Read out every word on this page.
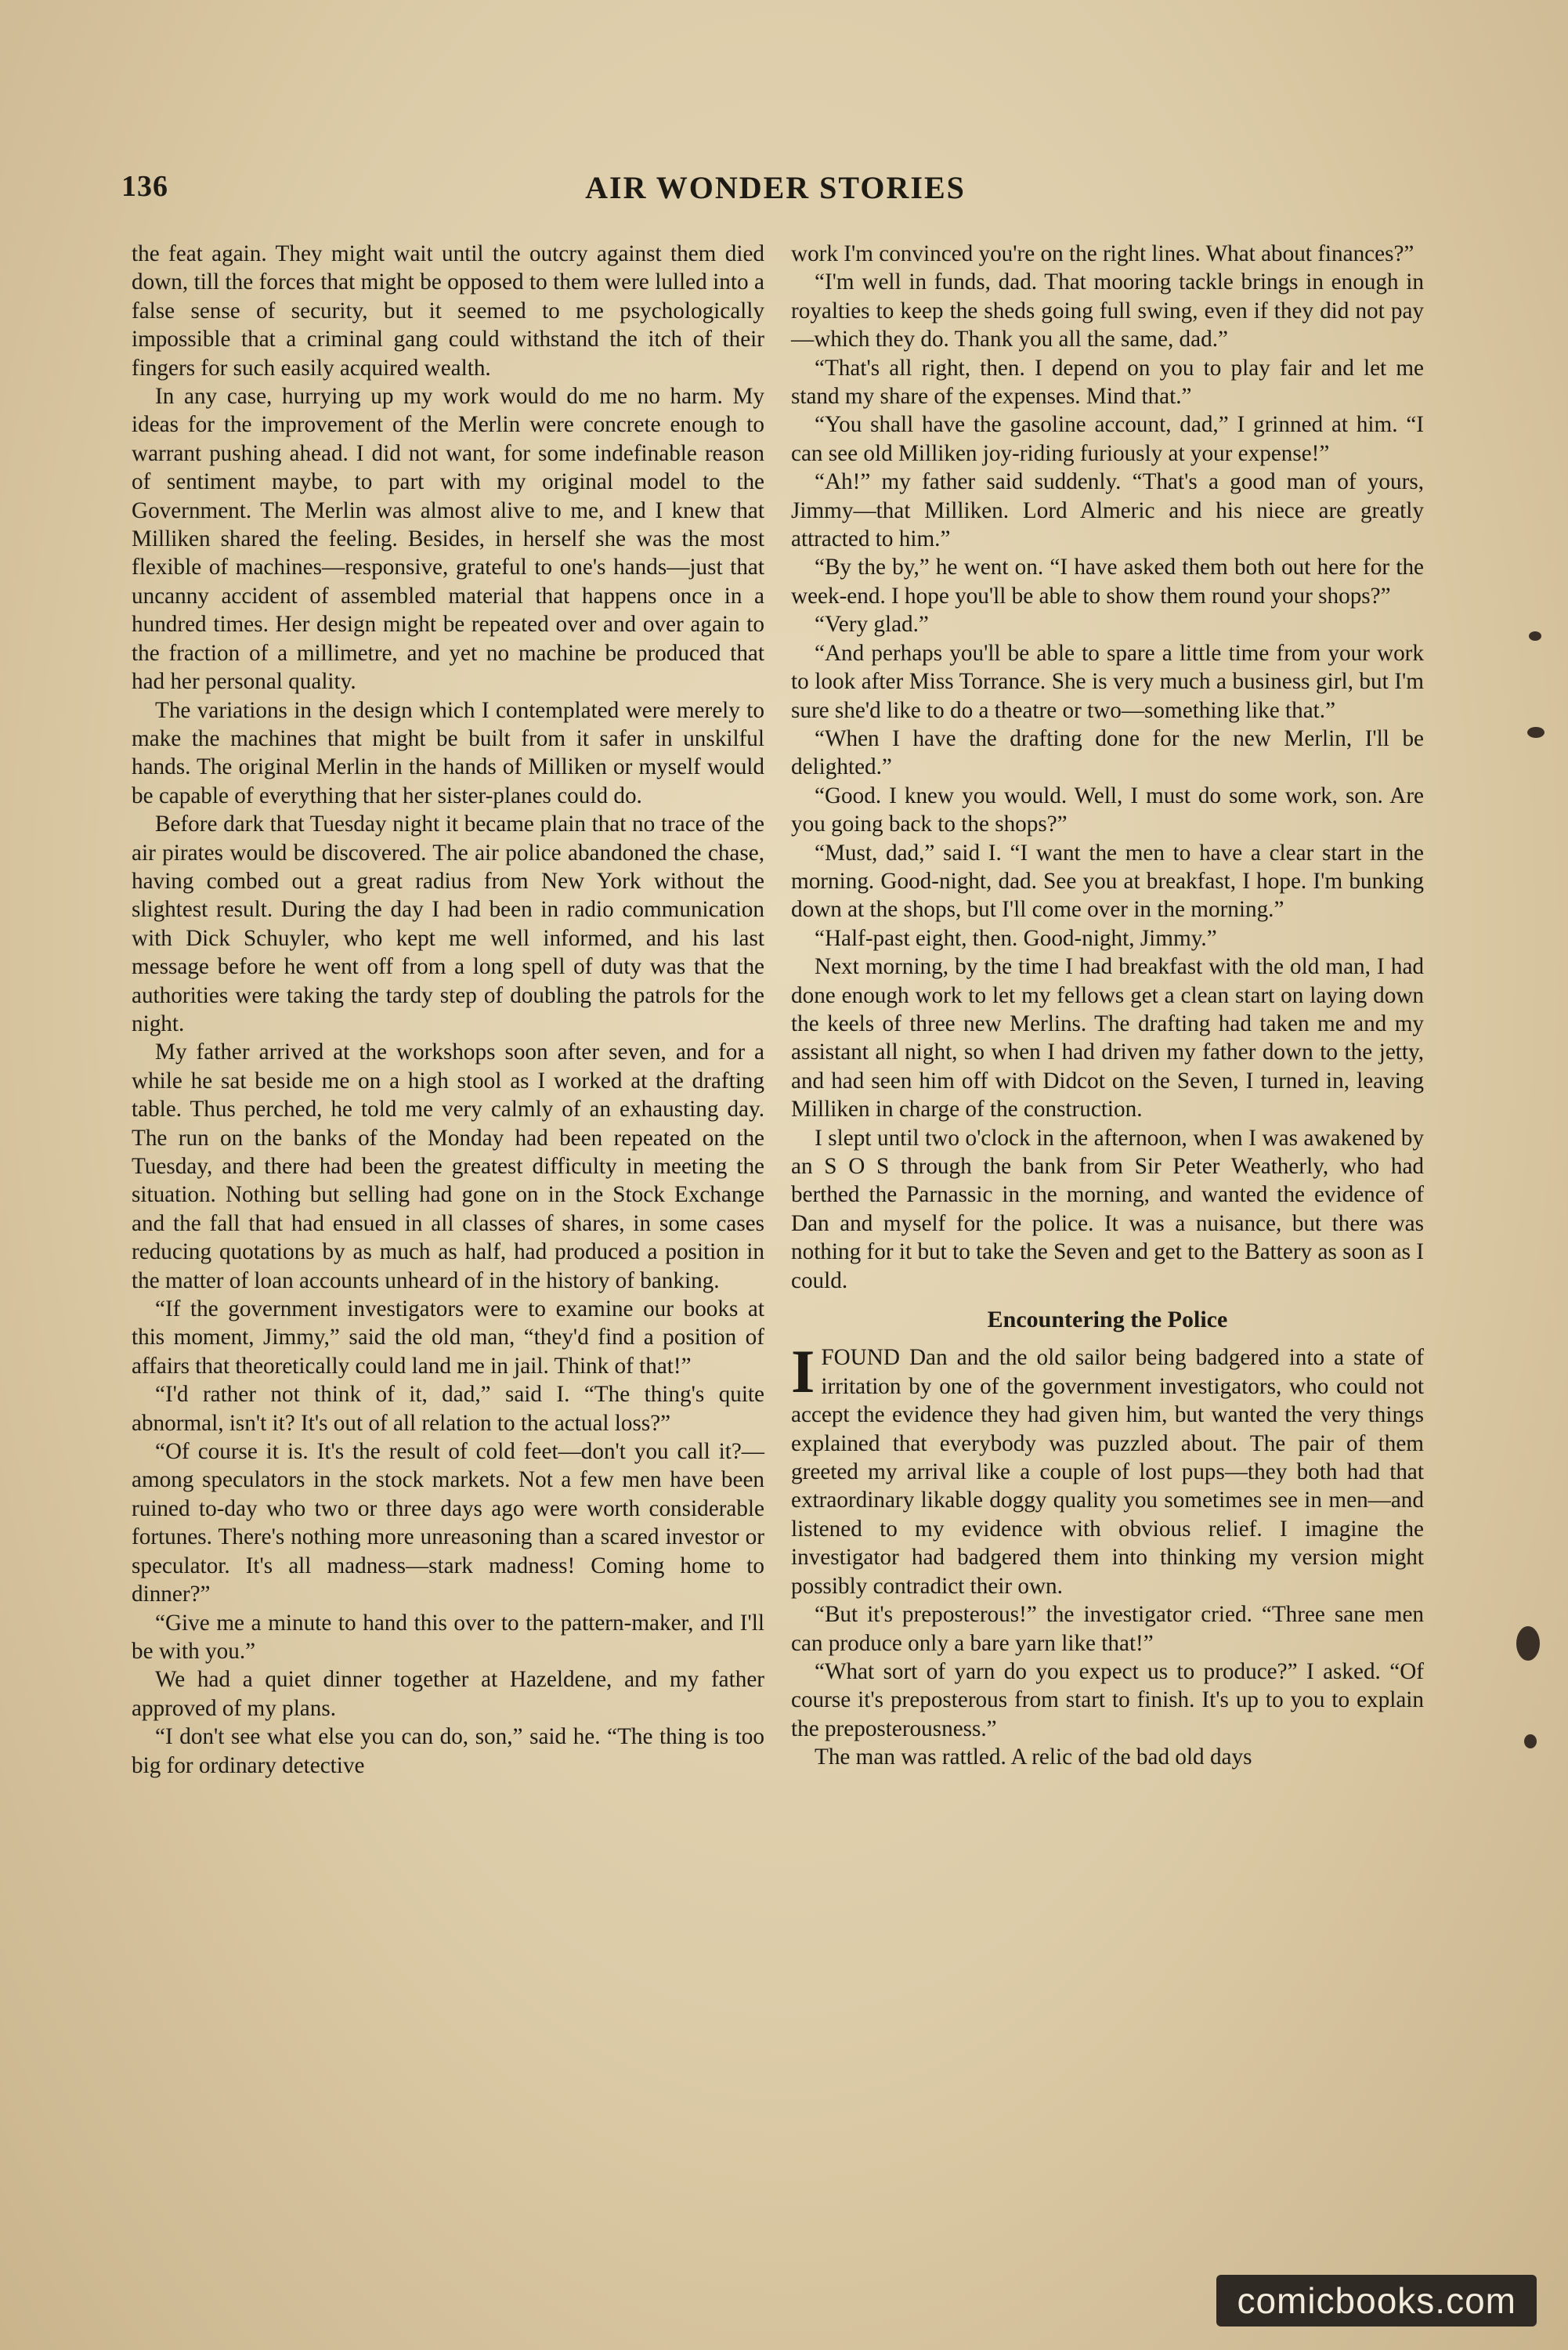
136	AIR WONDER STORIES

the feat again. They might wait until the outcry against them died down, till the forces that might be opposed to them were lulled into a false sense of security, but it seemed to me psychologically impossible that a criminal gang could withstand the itch of their fingers for such easily acquired wealth.

In any case, hurrying up my work would do me no harm. My ideas for the improvement of the Merlin were concrete enough to warrant pushing ahead. I did not want, for some indefinable reason of sentiment maybe, to part with my original model to the Government. The Merlin was almost alive to me, and I knew that Milliken shared the feeling. Besides, in herself she was the most flexible of machines—responsive, grateful to one's hands—just that uncanny accident of assembled material that happens once in a hundred times. Her design might be repeated over and over again to the fraction of a millimetre, and yet no machine be produced that had her personal quality.

The variations in the design which I contemplated were merely to make the machines that might be built from it safer in unskilful hands. The original Merlin in the hands of Milliken or myself would be capable of everything that her sister-planes could do.

Before dark that Tuesday night it became plain that no trace of the air pirates would be discovered. The air police abandoned the chase, having combed out a great radius from New York without the slightest result. During the day I had been in radio communication with Dick Schuyler, who kept me well informed, and his last message before he went off from a long spell of duty was that the authorities were taking the tardy step of doubling the patrols for the night.

My father arrived at the workshops soon after seven, and for a while he sat beside me on a high stool as I worked at the drafting table. Thus perched, he told me very calmly of an exhausting day. The run on the banks of the Monday had been repeated on the Tuesday, and there had been the greatest difficulty in meeting the situation. Nothing but selling had gone on in the Stock Exchange and the fall that had ensued in all classes of shares, in some cases reducing quotations by as much as half, had produced a position in the matter of loan accounts unheard of in the history of banking.

“If the government investigators were to examine our books at this moment, Jimmy,” said the old man, “they'd find a position of affairs that theoretically could land me in jail. Think of that!”

“I'd rather not think of it, dad,” said I. “The thing's quite abnormal, isn't it? It's out of all relation to the actual loss?”

“Of course it is. It's the result of cold feet—don't you call it?—among speculators in the stock markets. Not a few men have been ruined to-day who two or three days ago were worth considerable fortunes. There's nothing more unreasoning than a scared investor or speculator. It's all madness—stark madness! Coming home to dinner?”

“Give me a minute to hand this over to the pattern-maker, and I'll be with you.”

We had a quiet dinner together at Hazeldene, and my father approved of my plans.

“I don't see what else you can do, son,” said he. “The thing is too big for ordinary detective

work I'm convinced you're on the right lines. What about finances?”

“I'm well in funds, dad. That mooring tackle brings in enough in royalties to keep the sheds going full swing, even if they did not pay—which they do. Thank you all the same, dad.”

“That's all right, then. I depend on you to play fair and let me stand my share of the expenses. Mind that.”

“You shall have the gasoline account, dad,” I grinned at him. “I can see old Milliken joy-riding furiously at your expense!”

“Ah!” my father said suddenly. “That's a good man of yours, Jimmy—that Milliken. Lord Almeric and his niece are greatly attracted to him.”

“By the by,” he went on. “I have asked them both out here for the week-end. I hope you'll be able to show them round your shops?”

“Very glad.”

“And perhaps you'll be able to spare a little time from your work to look after Miss Torrance. She is very much a business girl, but I'm sure she'd like to do a theatre or two—something like that.”

“When I have the drafting done for the new Merlin, I'll be delighted.”

“Good. I knew you would. Well, I must do some work, son. Are you going back to the shops?”

“Must, dad,” said I. “I want the men to have a clear start in the morning. Good-night, dad. See you at breakfast, I hope. I'm bunking down at the shops, but I'll come over in the morning.”

“Half-past eight, then. Good-night, Jimmy.”

Next morning, by the time I had breakfast with the old man, I had done enough work to let my fellows get a clean start on laying down the keels of three new Merlins. The drafting had taken me and my assistant all night, so when I had driven my father down to the jetty, and had seen him off with Didcot on the Seven, I turned in, leaving Milliken in charge of the construction.

I slept until two o'clock in the afternoon, when I was awakened by an S O S through the bank from Sir Peter Weatherly, who had berthed the Parnassic in the morning, and wanted the evidence of Dan and myself for the police. It was a nuisance, but there was nothing for it but to take the Seven and get to the Battery as soon as I could.

Encountering the Police

IFOUND Dan and the old sailor being badgered into a state of irritation by one of the government investigators, who could not accept the evidence they had given him, but wanted the very things explained that everybody was puzzled about. The pair of them greeted my arrival like a couple of lost pups—they both had that extraordinary likable doggy quality you sometimes see in men—and listened to my evidence with obvious relief. I imagine the investigator had badgered them into thinking my version might possibly contradict their own.

“But it's preposterous!” the investigator cried. “Three sane men can produce only a bare yarn like that!”

“What sort of yarn do you expect us to produce?” I asked. “Of course it's preposterous from start to finish. It's up to you to explain the preposterousness.”

The man was rattled. A relic of the bad old days

comicbooks.com
